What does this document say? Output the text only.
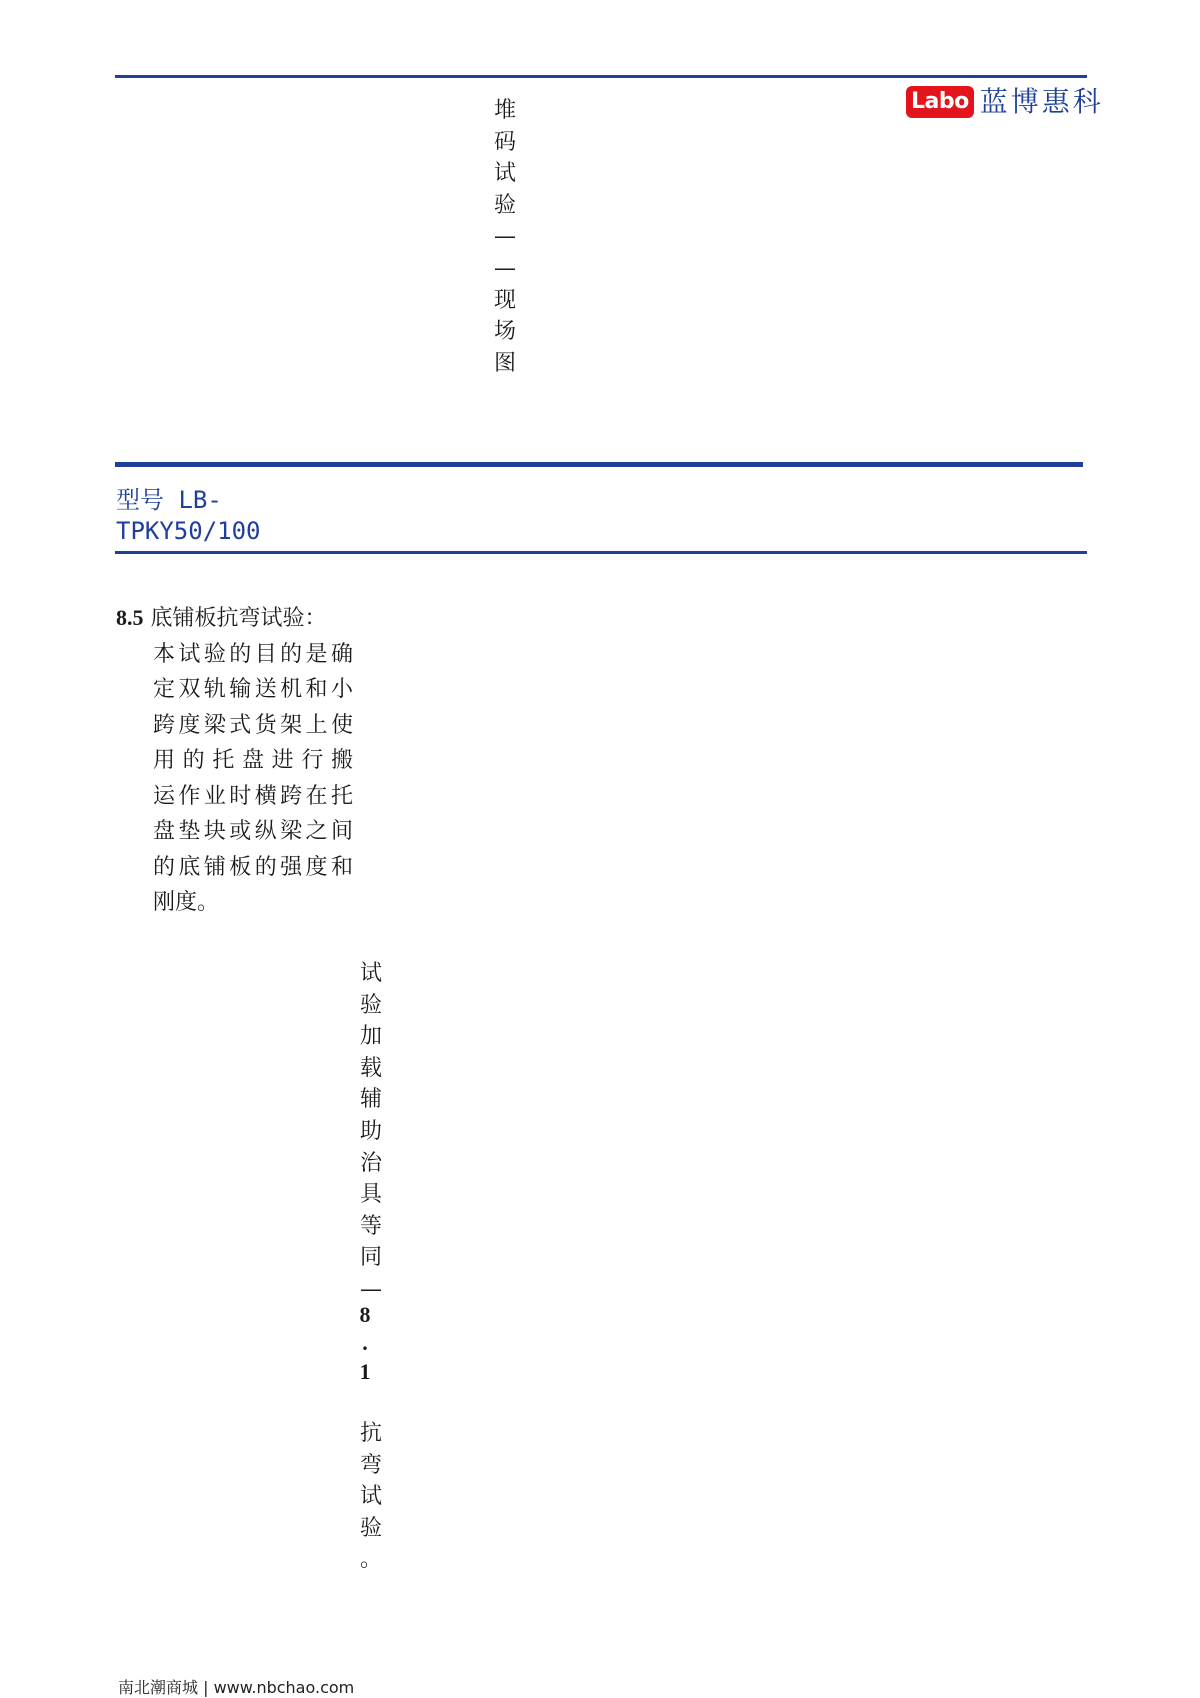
Labo 蓝博惠科
堆
码
试
验
—
—
现
场
图
型号 LB-
TPKY50/100
8.5 底铺板抗弯试验：
本试验的目的是确
定双轨输送机和小
跨度梁式货架上使
用的托盘进行搬
运作业时横跨在托
盘垫块或纵梁之间
的底铺板的强度和
刚度。
试
验
加
载
辅
助
治
具
等
同
—
8
.
1
抗
弯
试
验
。
南北潮商城 | www.nbchao.com
